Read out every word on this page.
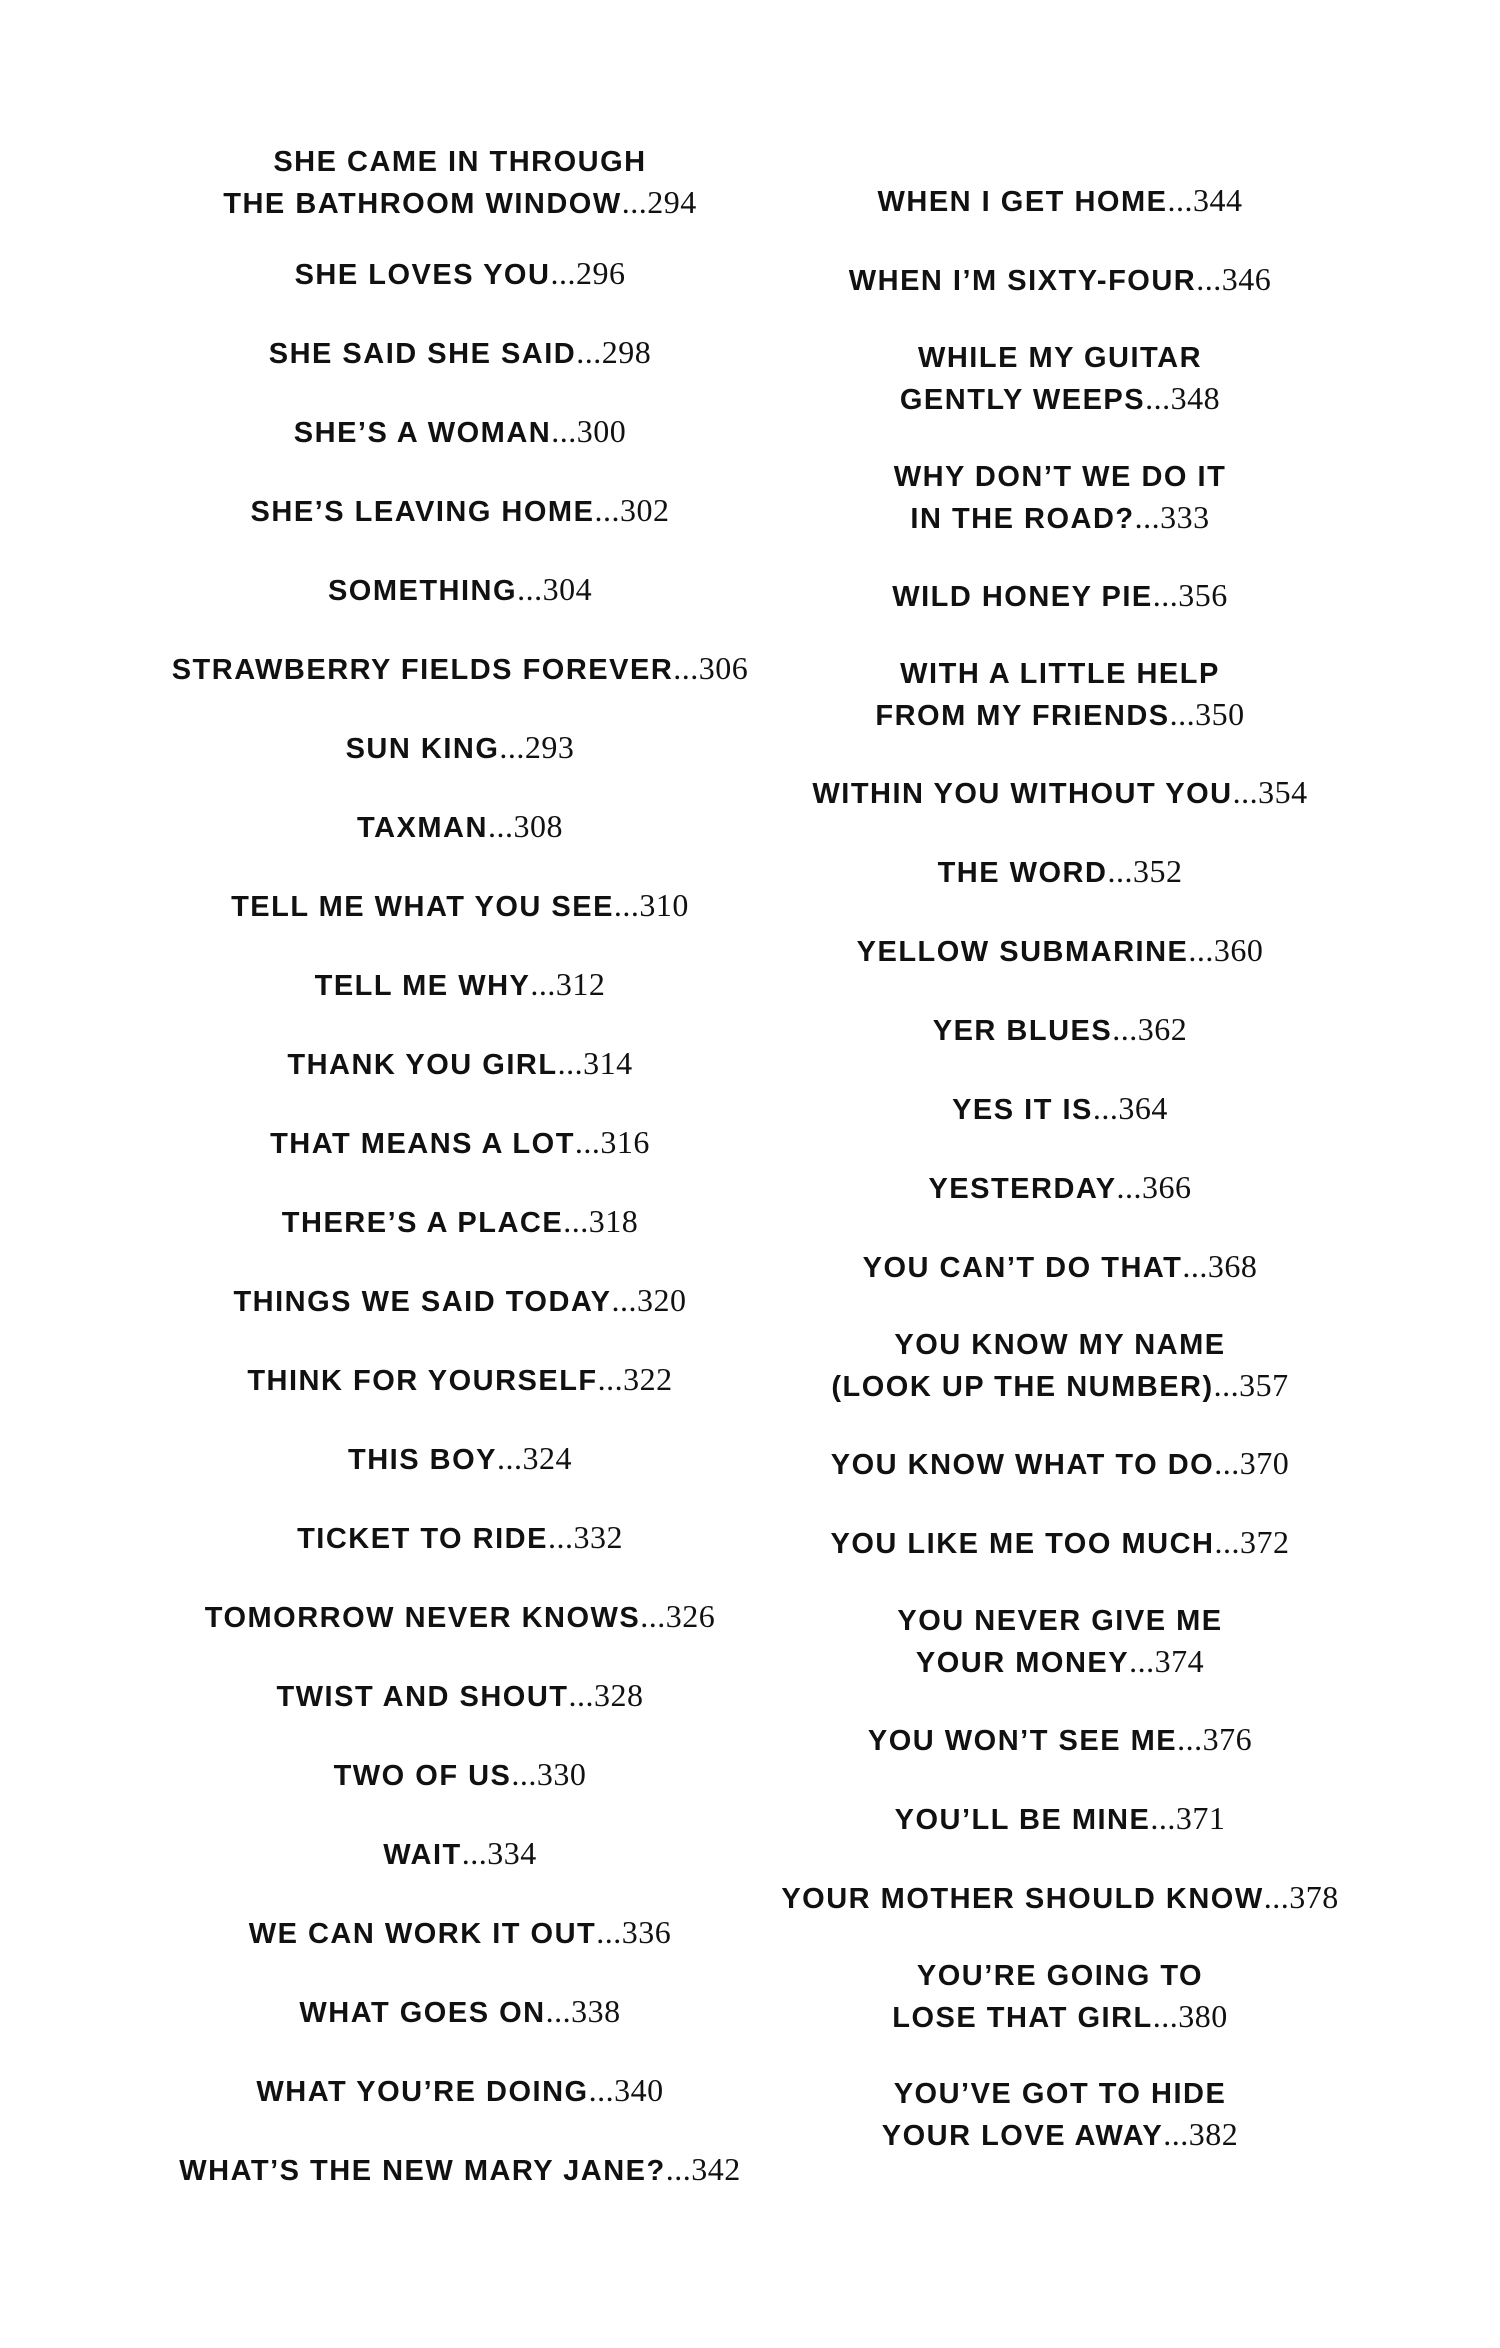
SHE CAME IN THROUGH
THE BATHROOM WINDOW...294
SHE LOVES YOU...296
SHE SAID SHE SAID...298
SHE’S A WOMAN...300
SHE’S LEAVING HOME...302
SOMETHING...304
STRAWBERRY FIELDS FOREVER...306
SUN KING...293
TAXMAN...308
TELL ME WHAT YOU SEE...310
TELL ME WHY...312
THANK YOU GIRL...314
THAT MEANS A LOT...316
THERE’S A PLACE...318
THINGS WE SAID TODAY...320
THINK FOR YOURSELF...322
THIS BOY...324
TICKET TO RIDE...332
TOMORROW NEVER KNOWS...326
TWIST AND SHOUT...328
TWO OF US...330
WAIT...334
WE CAN WORK IT OUT...336
WHAT GOES ON...338
WHAT YOU’RE DOING...340
WHAT’S THE NEW MARY JANE?...342
WHEN I GET HOME...344
WHEN I’M SIXTY-FOUR...346
WHILE MY GUITAR
GENTLY WEEPS...348
WHY DON’T WE DO IT
IN THE ROAD?...333
WILD HONEY PIE...356
WITH A LITTLE HELP
FROM MY FRIENDS...350
WITHIN YOU WITHOUT YOU...354
THE WORD...352
YELLOW SUBMARINE...360
YER BLUES...362
YES IT IS...364
YESTERDAY...366
YOU CAN’T DO THAT...368
YOU KNOW MY NAME
(LOOK UP THE NUMBER)...357
YOU KNOW WHAT TO DO...370
YOU LIKE ME TOO MUCH...372
YOU NEVER GIVE ME
YOUR MONEY...374
YOU WON’T SEE ME...376
YOU’LL BE MINE...371
YOUR MOTHER SHOULD KNOW...378
YOU’RE GOING TO
LOSE THAT GIRL...380
YOU’VE GOT TO HIDE
YOUR LOVE AWAY...382
